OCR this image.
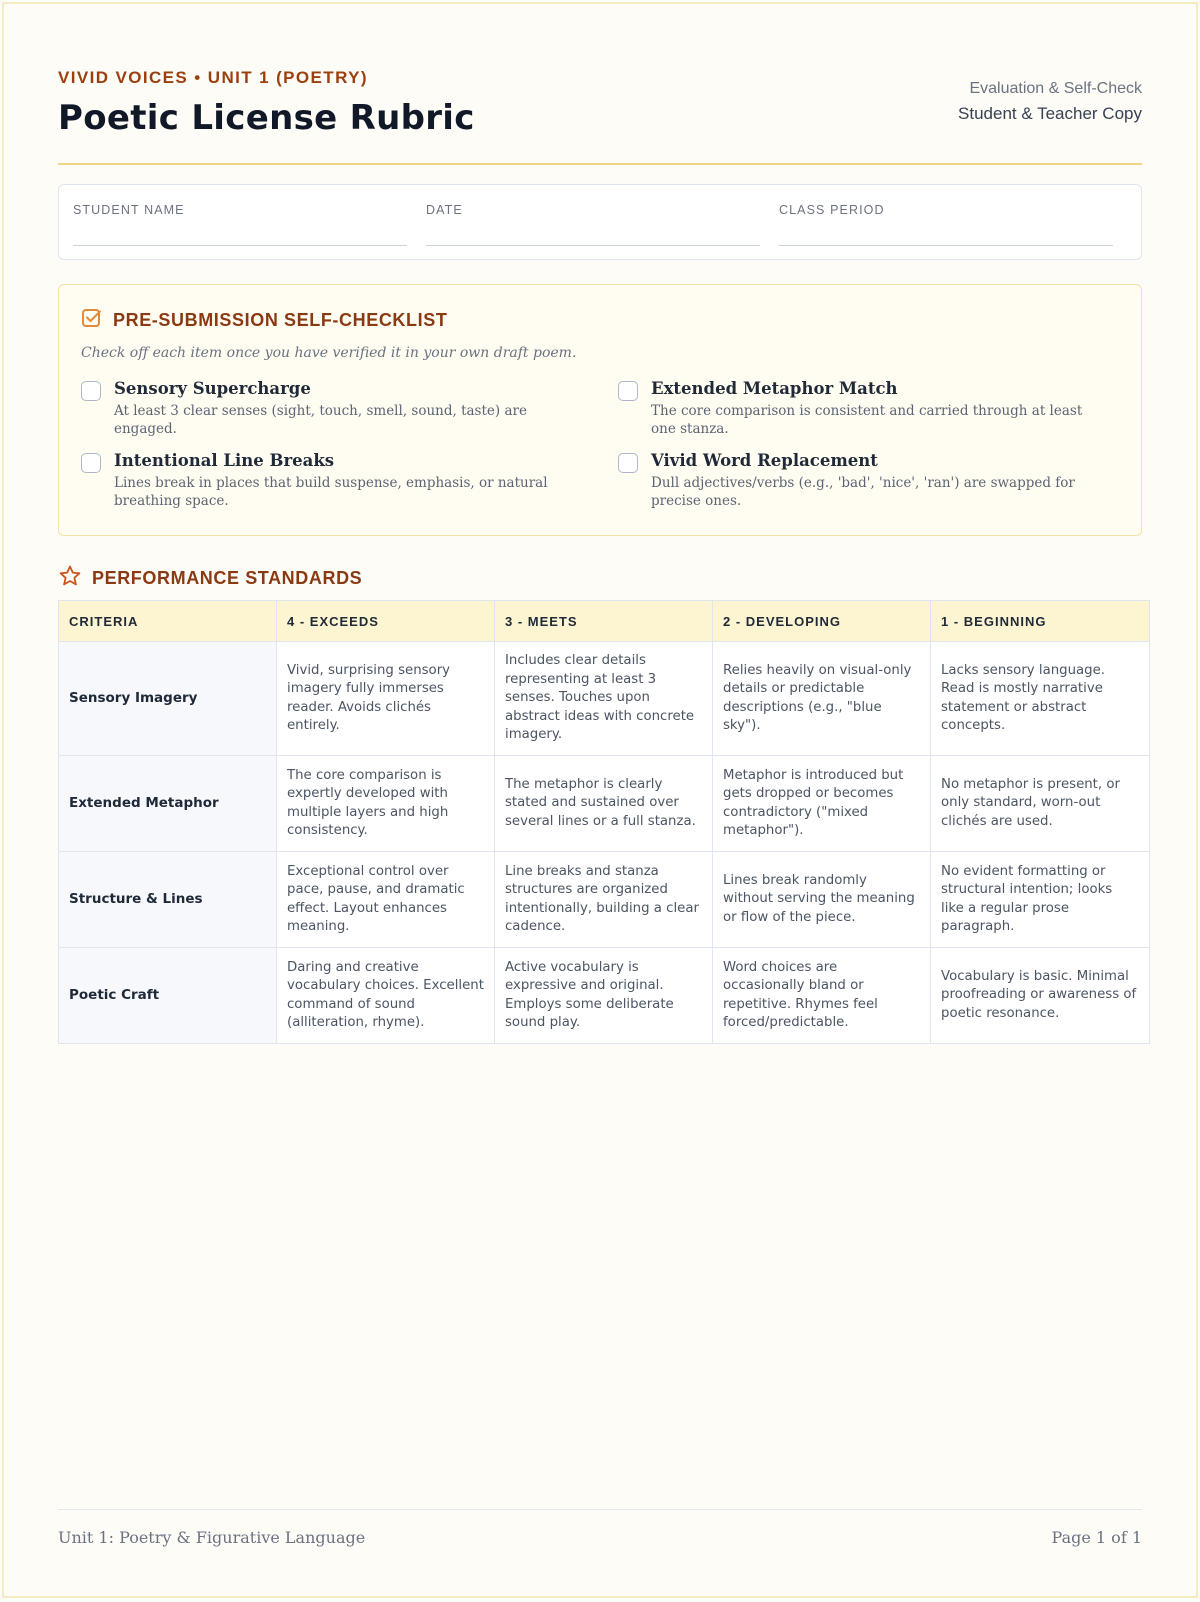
VIVID VOICES • UNIT 1 (POETRY)
Poetic License Rubric
Evaluation & Self-Check
Student & Teacher Copy
STUDENT NAME	DATE	CLASS PERIOD
PRE-SUBMISSION SELF-CHECKLIST
Check off each item once you have verified it in your own draft poem.
Sensory Supercharge
At least 3 clear senses (sight, touch, smell, sound, taste) are engaged.
Extended Metaphor Match
The core comparison is consistent and carried through at least one stanza.
Intentional Line Breaks
Lines break in places that build suspense, emphasis, or natural breathing space.
Vivid Word Replacement
Dull adjectives/verbs (e.g., 'bad', 'nice', 'ran') are swapped for precise ones.
PERFORMANCE STANDARDS
CRITERIA	4 - EXCEEDS	3 - MEETS	2 - DEVELOPING	1 - BEGINNING
Sensory Imagery	Vivid, surprising sensory imagery fully immerses reader. Avoids clichés entirely.	Includes clear details representing at least 3 senses. Touches upon abstract ideas with concrete imagery.	Relies heavily on visual-only details or predictable descriptions (e.g., "blue sky").	Lacks sensory language. Read is mostly narrative statement or abstract concepts.
Extended Metaphor	The core comparison is expertly developed with multiple layers and high consistency.	The metaphor is clearly stated and sustained over several lines or a full stanza.	Metaphor is introduced but gets dropped or becomes contradictory ("mixed metaphor").	No metaphor is present, or only standard, worn-out clichés are used.
Structure & Lines	Exceptional control over pace, pause, and dramatic effect. Layout enhances meaning.	Line breaks and stanza structures are organized intentionally, building a clear cadence.	Lines break randomly without serving the meaning or flow of the piece.	No evident formatting or structural intention; looks like a regular prose paragraph.
Poetic Craft	Daring and creative vocabulary choices. Excellent command of sound (alliteration, rhyme).	Active vocabulary is expressive and original. Employs some deliberate sound play.	Word choices are occasionally bland or repetitive. Rhymes feel forced/predictable.	Vocabulary is basic. Minimal proofreading or awareness of poetic resonance.
Unit 1: Poetry & Figurative Language	Page 1 of 1
